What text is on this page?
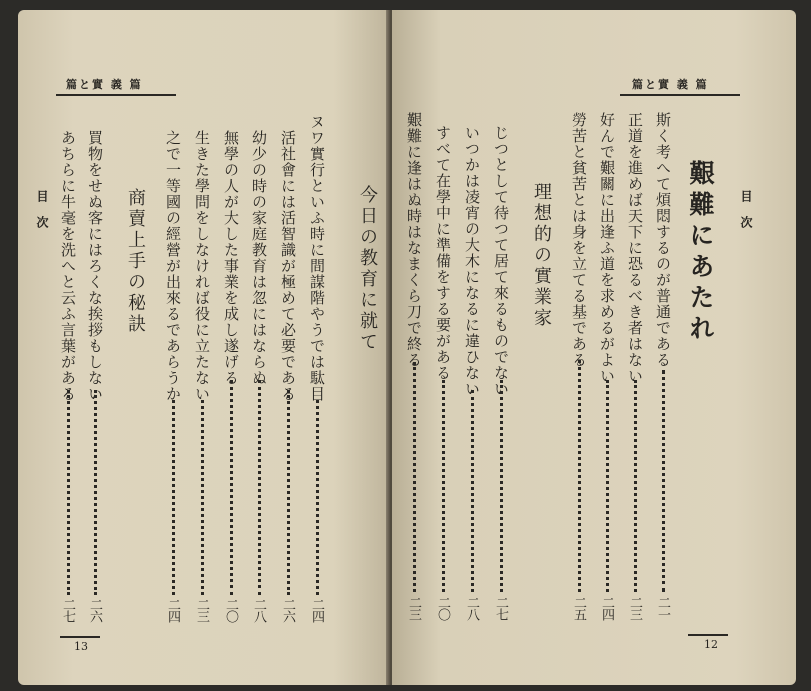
篇と實 義 篇
目 次	今日の教育に就て
ヌワ實行といふ時に間謀階やうでは駄目
二四
活社會には活智識が極めて必要である
二六
幼少の時の家庭教育は忽にはならぬ
二八
無學の人が大した事業を成し遂げる
二〇
生きた學問をしなければ役に立たない
二三
之で一等國の經營が出來るであらうか
二四
商賣上手の秘訣
買物をせぬ客にはろくな挨拶もしない
二六
あちらに牛毫を洗へと云ふ言葉がある
二七
13
篇と實 義 篇
目 次
艱難にあたれ
斯く考へて煩悶するのが普通である
二一
正道を進めば天下に恐るべき者はない
二三
好んで艱關に出逢ふ道を求めるがよい
二四
勞苦と貧苦とは身を立てる基である
二五
理想的の實業家
じつとして待つて居て來るものでない
二七
いつかは凌宵の大木になるに違ひない
二八
すべて在學中に準備をする要がある
二〇
艱難に逢はぬ時はなまくら刀で終る
二三
12
